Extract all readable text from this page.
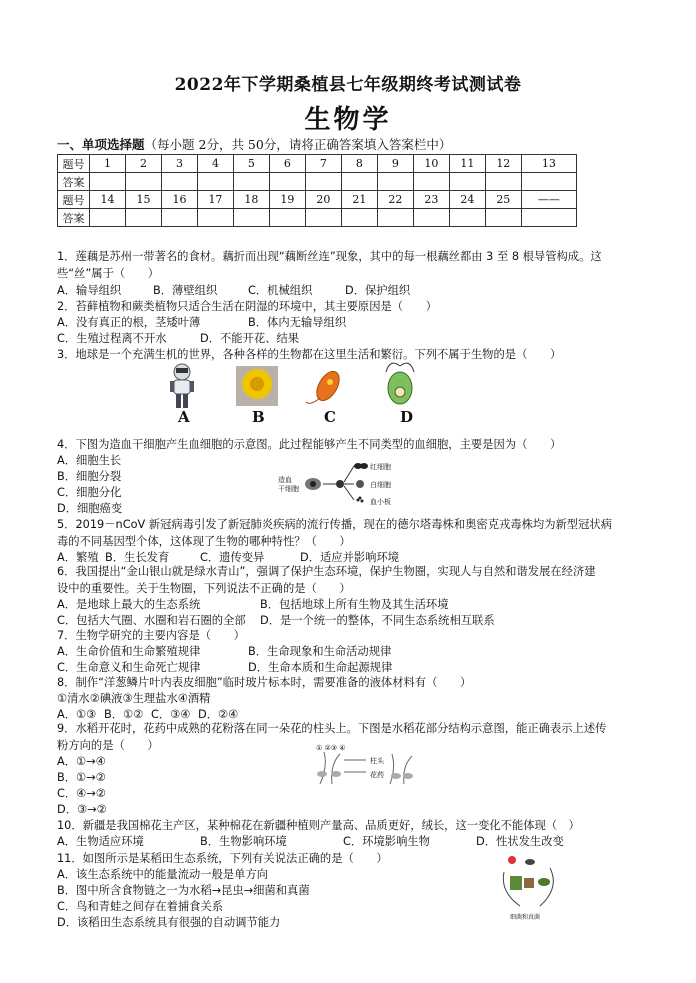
2022年下学期桑植县七年级期终考试测试卷
生物学
一、单项选择题（每小题 2分，共 50分，请将正确答案填入答案栏中）
题号	1	2	3	4	5	6	7	8	9	10	11	12	13
答案													
题号	14	15	16	17	18	19	20	21	22	23	24	25	——
答案													
1．莲藕是苏州一带著名的食材。藕折而出现“藕断丝连”现象，其中的每一根藕丝都由 3 至 8 根导管构成。这
些“丝”属于（　　）
A．输导组织	B．薄壁组织	C．机械组织	D．保护组织
2．苔藓植物和蕨类植物只适合生活在阴湿的环境中，其主要原因是（　　）
A．没有真正的根，茎矮叶薄	B．体内无输导组织
C．生殖过程离不开水	D．不能开花、结果
3．地球是一个充满生机的世界，各种各样的生物都在这里生活和繁衍。下列不属于生物的是（　　）
A	B	C	D
4．下图为造血干细胞产生血细胞的示意图。此过程能够产生不同类型的血细胞，主要是因为（　　）
A．细胞生长
B．细胞分裂
C．细胞分化
D．细胞癌变
造血
干细胞
红细胞
白细胞
血小板
5．2019－nCoV 新冠病毒引发了新冠肺炎疾病的流行传播，现在的德尔塔毒株和奥密克戎毒株均为新型冠状病
毒的不同基因型个体，这体现了生物的哪种特性？（　　）
A．繁殖 B．生长发育	C．遗传变异	D．适应并影响环境
6．我国提出“金山银山就是绿水青山”，强调了保护生态环境，保护生物圈，实现人与自然和谐发展在经济建
设中的重要性。关于生物圈，下列说法不正确的是（　　）
A．是地球上最大的生态系统	B．包括地球上所有生物及其生活环境
C．包括大气圈、水圈和岩石圈的全部 D．是一个统一的整体，不同生态系统相互联系
7．生物学研究的主要内容是（　　）
A．生命价值和生命繁殖规律	B．生命现象和生命活动规律
C．生命意义和生命死亡规律	D．生命本质和生命起源规律
8．制作“洋葱鳞片叶内表皮细胞”临时玻片标本时，需要准备的液体材料有（　　）
①清水②碘液③生理盐水④酒精
A．①③ B．①② C．③④ D．②④
9．水稻开花时，花药中成熟的花粉落在同一朵花的柱头上。下图是水稻花部分结构示意图，能正确表示上述传
粉方向的是（　　）
A．①→④
B．①→②
C．④→②
D．③→②
① ②③ ④
柱头
花药
10．新疆是我国棉花主产区，某种棉花在新疆种植则产量高、品质更好，绒长，这一变化不能体现（　）
A．生物适应环境	B．生物影响环境	C．环境影响生物	D．性状发生改变
11．如图所示是某稻田生态系统，下列有关说法正确的是（　　）
A．该生态系统中的能量流动一般是单方向
B．图中所含食物链之一为水稻→昆虫→细菌和真菌
C．鸟和青蛙之间存在着捕食关系
D．该稻田生态系统具有很强的自动调节能力	细菌和真菌
